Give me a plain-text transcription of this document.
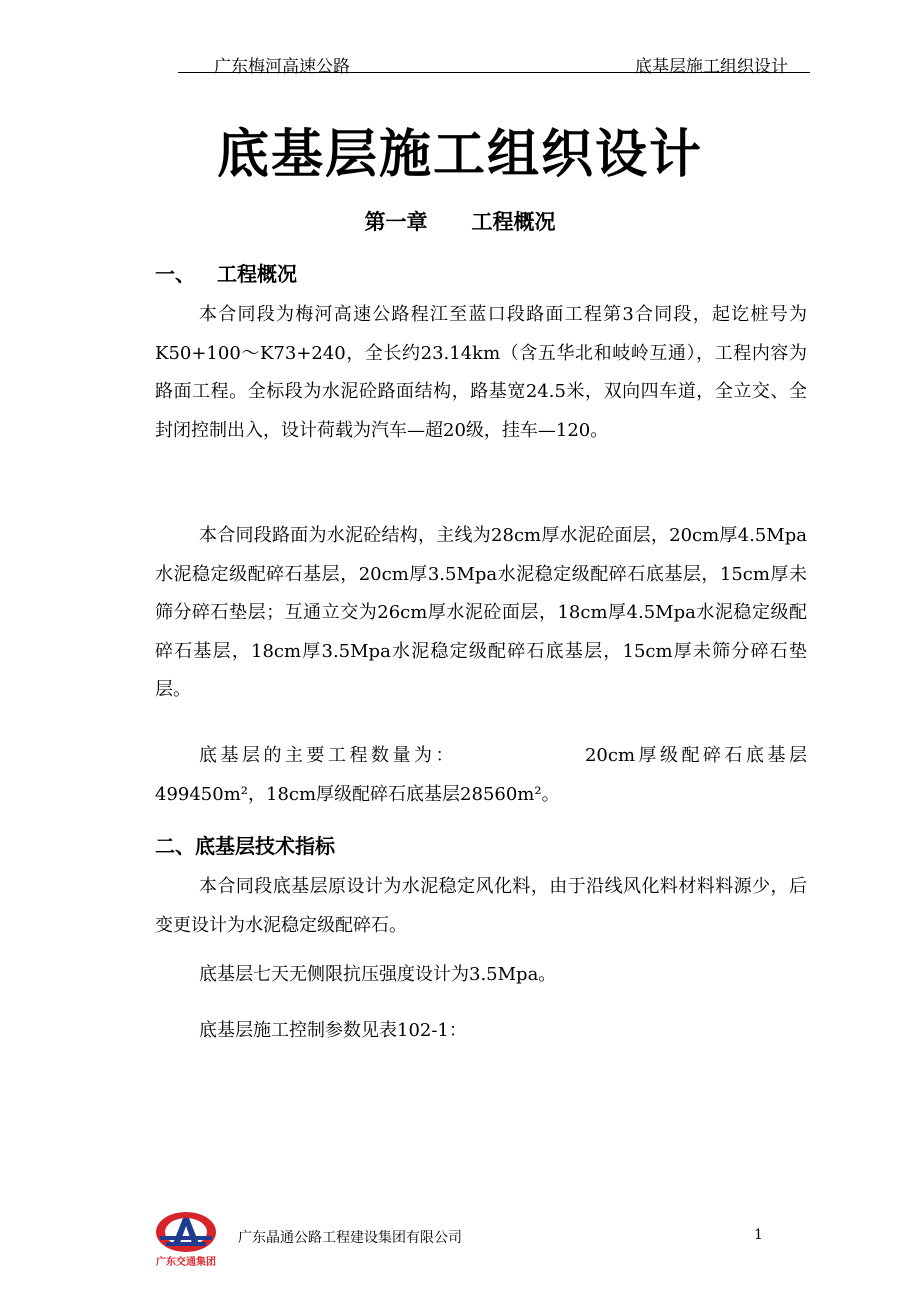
广东梅河高速公路	底基层施工组织设计
底基层施工组织设计
第一章 工程概况
一、 工程概况

本合同段为梅河高速公路程江至蓝口段路面工程第3合同段，起讫桩号为K50+100～K73+240，全长约23.14km（含五华北和岐岭互通），工程内容为路面工程。全标段为水泥砼路面结构，路基宽24.5米，双向四车道，全立交、全封闭控制出入，设计荷载为汽车—超20级，挂车—120。

本合同段路面为水泥砼结构，主线为28cm厚水泥砼面层，20cm厚4.5Mpa水泥稳定级配碎石基层，20cm厚3.5Mpa水泥稳定级配碎石底基层，15cm厚未筛分碎石垫层；互通立交为26cm厚水泥砼面层，18cm厚4.5Mpa水泥稳定级配碎石基层，18cm厚3.5Mpa水泥稳定级配碎石底基层，15cm厚未筛分碎石垫层。

底基层的主要工程数量为：	20cm厚级配碎石底基层499450m²，18cm厚级配碎石底基层28560m²。

二、底基层技术指标

本合同段底基层原设计为水泥稳定风化料，由于沿线风化料材料料源少，后变更设计为水泥稳定级配碎石。

底基层七天无侧限抗压强度设计为3.5Mpa。
底基层施工控制参数见表102-1：
广东交通集团
广东晶通公路工程建设集团有限公司	1
